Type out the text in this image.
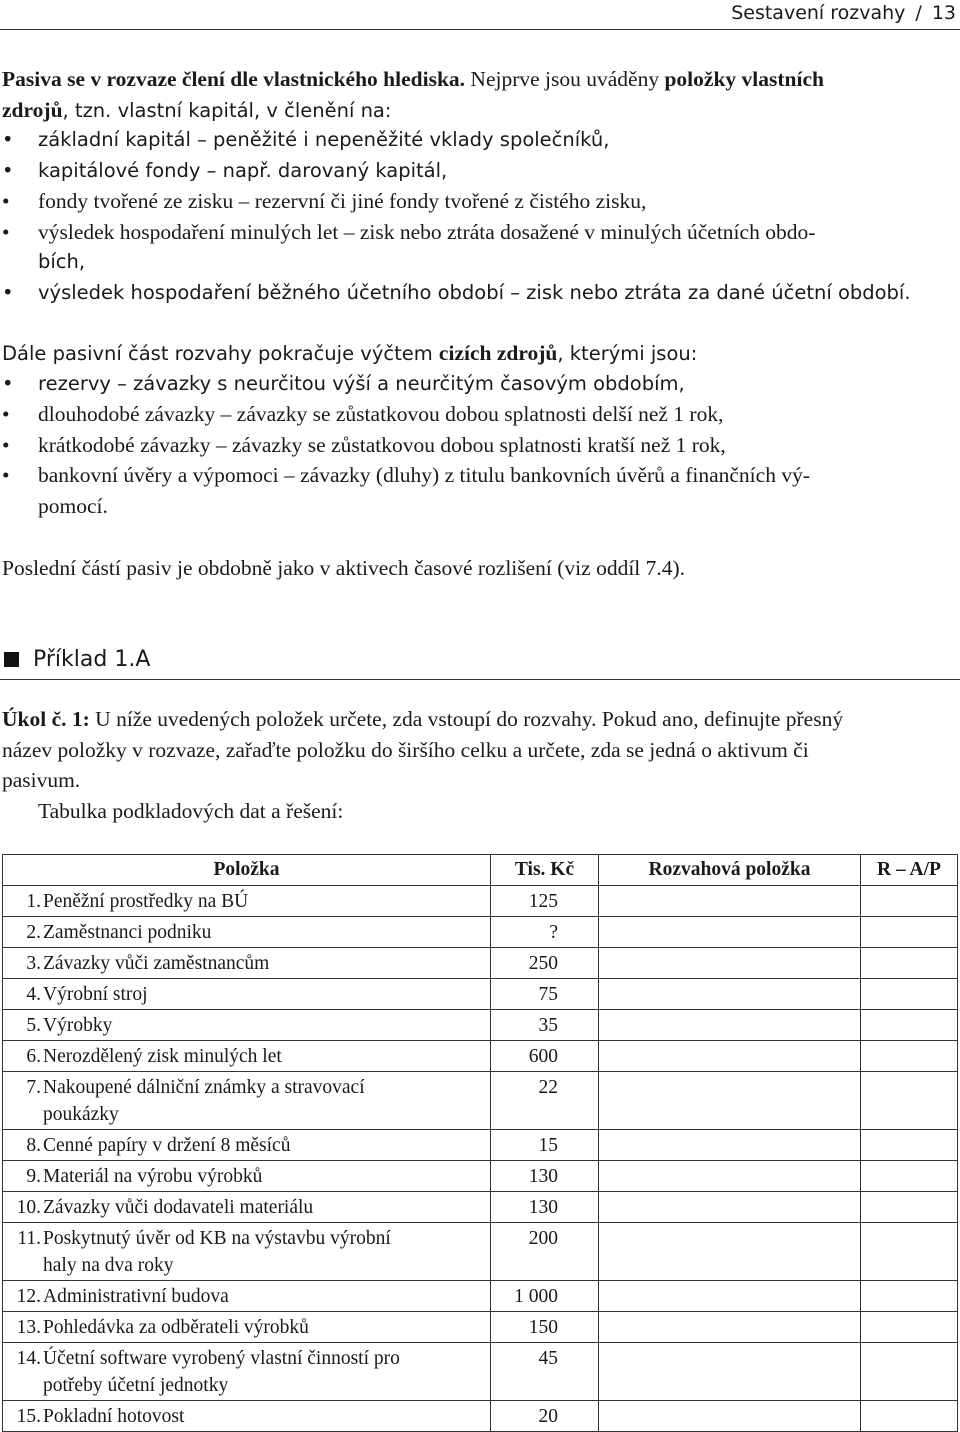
Sestavení rozvahy / 13
Pasiva se v rozvaze člení dle vlastnického hlediska. Nejprve jsou uváděny položky vlastních
zdrojů, tzn. vlastní kapitál, v členění na:
• základní kapitál – peněžité i nepeněžité vklady společníků,
• kapitálové fondy – např. darovaný kapitál,
• fondy tvořené ze zisku – rezervní či jiné fondy tvořené z čistého zisku,
• výsledek hospodaření minulých let – zisk nebo ztráta dosažené v minulých účetních obdo-
bích,
• výsledek hospodaření běžného účetního období – zisk nebo ztráta za dané účetní období.
Dále pasivní část rozvahy pokračuje výčtem cizích zdrojů, kterými jsou:
• rezervy – závazky s neurčitou výší a neurčitým časovým obdobím,
• dlouhodobé závazky – závazky se zůstatkovou dobou splatnosti delší než 1 rok,
• krátkodobé závazky – závazky se zůstatkovou dobou splatnosti kratší než 1 rok,
• bankovní úvěry a výpomoci – závazky (dluhy) z titulu bankovních úvěrů a finančních vý-
pomocí.
Poslední částí pasiv je obdobně jako v aktivech časové rozlišení (viz oddíl 7.4).
Příklad 1.A
Úkol č. 1: U níže uvedených položek určete, zda vstoupí do rozvahy. Pokud ano, definujte přesný
název položky v rozvaze, zařaďte položku do širšího celku a určete, zda se jedná o aktivum či
pasivum.
Tabulka podkladových dat a řešení:
Položka	Tis. Kč	Rozvahová položka	R – A/P

1. Peněžní prostředky na BÚ	125		

2. Zaměstnanci podniku	?		

3. Závazky vůči zaměstnancům	250		

4. Výrobní stroj	75		

5. Výrobky	35		

6. Nerozdělený zisk minulých let	600		

7. Nakoupené dálniční známky a stravovací
poukázky	22		

8. Cenné papíry v držení 8 měsíců	15		

9. Materiál na výrobu výrobků	130		

10. Závazky vůči dodavateli materiálu	130		

11. Poskytnutý úvěr od KB na výstavbu výrobní
haly na dva roky	200		

12. Administrativní budova	1 000		

13. Pohledávka za odběrateli výrobků	150		

14. Účetní software vyrobený vlastní činností pro
potřeby účetní jednotky	45		

15. Pokladní hotovost	20		
